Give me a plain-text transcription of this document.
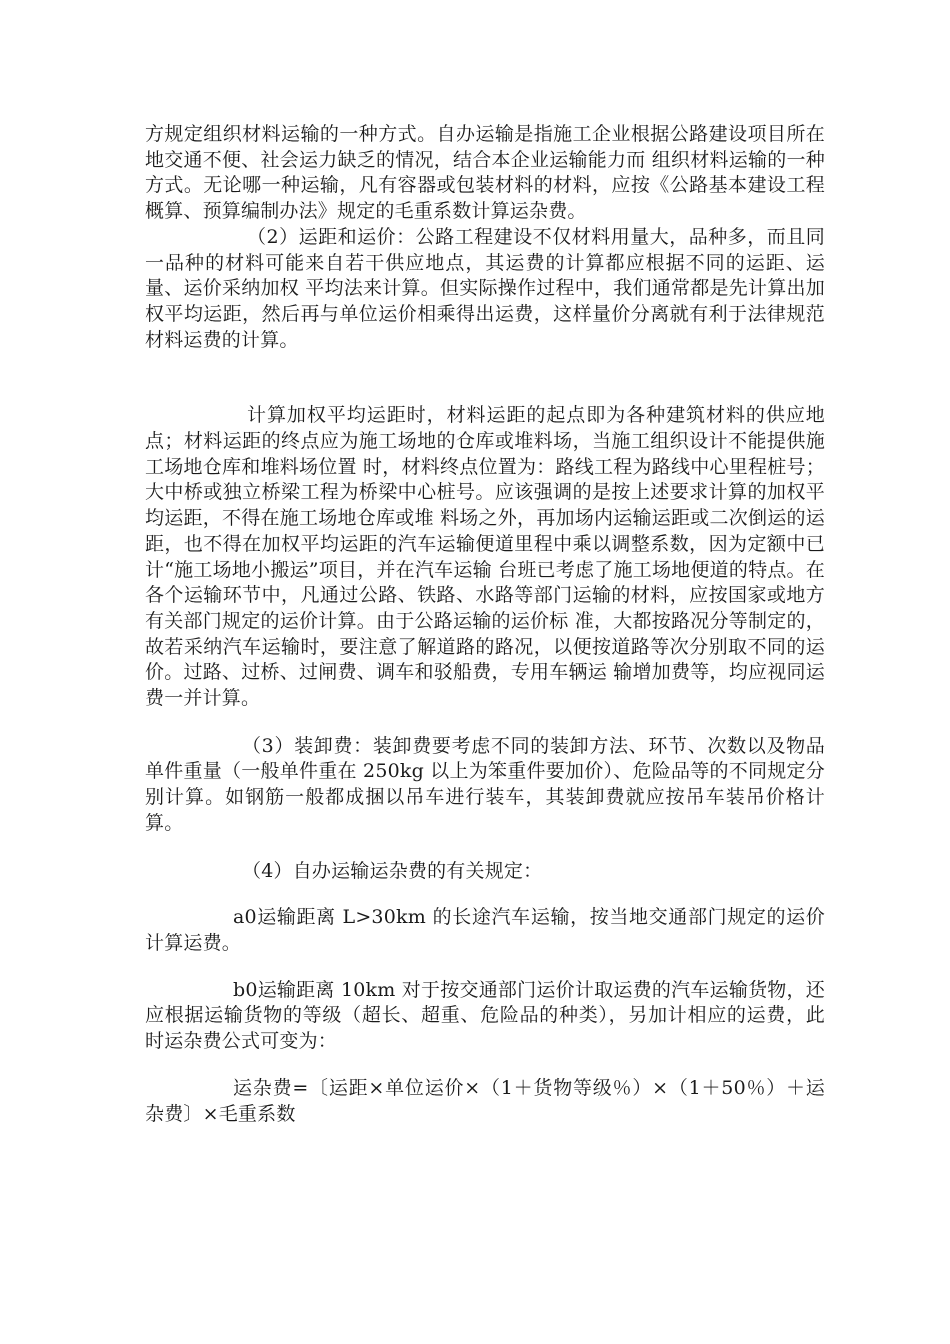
方规定组织材料运输的一种方式。自办运输是指施工企业根据公路建设项目所在地交通不便、社会运力缺乏的情况，结合本企业运输能力而 组织材料运输的一种方式。无论哪一种运输，凡有容器或包装材料的材料，应按《公路基本建设工程概算、预算编制办法》规定的毛重系数计算运杂费。

（2）运距和运价：公路工程建设不仅材料用量大，品种多，而且同一品种的材料可能来自若干供应地点，其运费的计算都应根据不同的运距、运量、运价采纳加权 平均法来计算。但实际操作过程中，我们通常都是先计算出加权平均运距，然后再与单位运价相乘得出运费，这样量价分离就有利于法律规范材料运费的计算。

计算加权平均运距时，材料运距的起点即为各种建筑材料的供应地点；材料运距的终点应为施工场地的仓库或堆料场，当施工组织设计不能提供施工场地仓库和堆料场位置 时，材料终点位置为：路线工程为路线中心里程桩号；大中桥或独立桥梁工程为桥梁中心桩号。应该强调的是按上述要求计算的加权平均运距，不得在施工场地仓库或堆 料场之外，再加场内运输运距或二次倒运的运距，也不得在加权平均运距的汽车运输便道里程中乘以调整系数，因为定额中已计“施工场地小搬运”项目，并在汽车运输 台班已考虑了施工场地便道的特点。在各个运输环节中，凡通过公路、铁路、水路等部门运输的材料，应按国家或地方有关部门规定的运价计算。由于公路运输的运价标 准，大都按路况分等制定的，故若采纳汽车运输时，要注意了解道路的路况，以便按道路等次分别取不同的运价。过路、过桥、过闸费、调车和驳船费，专用车辆运 输增加费等，均应视同运费一并计算。

（3）装卸费：装卸费要考虑不同的装卸方法、环节、次数以及物品单件重量（一般单件重在 250kg 以上为笨重件要加价）、危险品等的不同规定分别计算。如钢筋一般都成捆以吊车进行装车，其装卸费就应按吊车装吊价格计算。

（4）自办运输运杂费的有关规定：

a0运输距离 L>30km 的长途汽车运输，按当地交通部门规定的运价计算运费。

b0运输距离 10km 对于按交通部门运价计取运费的汽车运输货物，还应根据运输货物的等级（超长、超重、危险品的种类），另加计相应的运费，此时运杂费公式可变为：

运杂费=〔运距×单位运价×（1＋货物等级％）×（1＋50％）＋运杂费〕×毛重系数
